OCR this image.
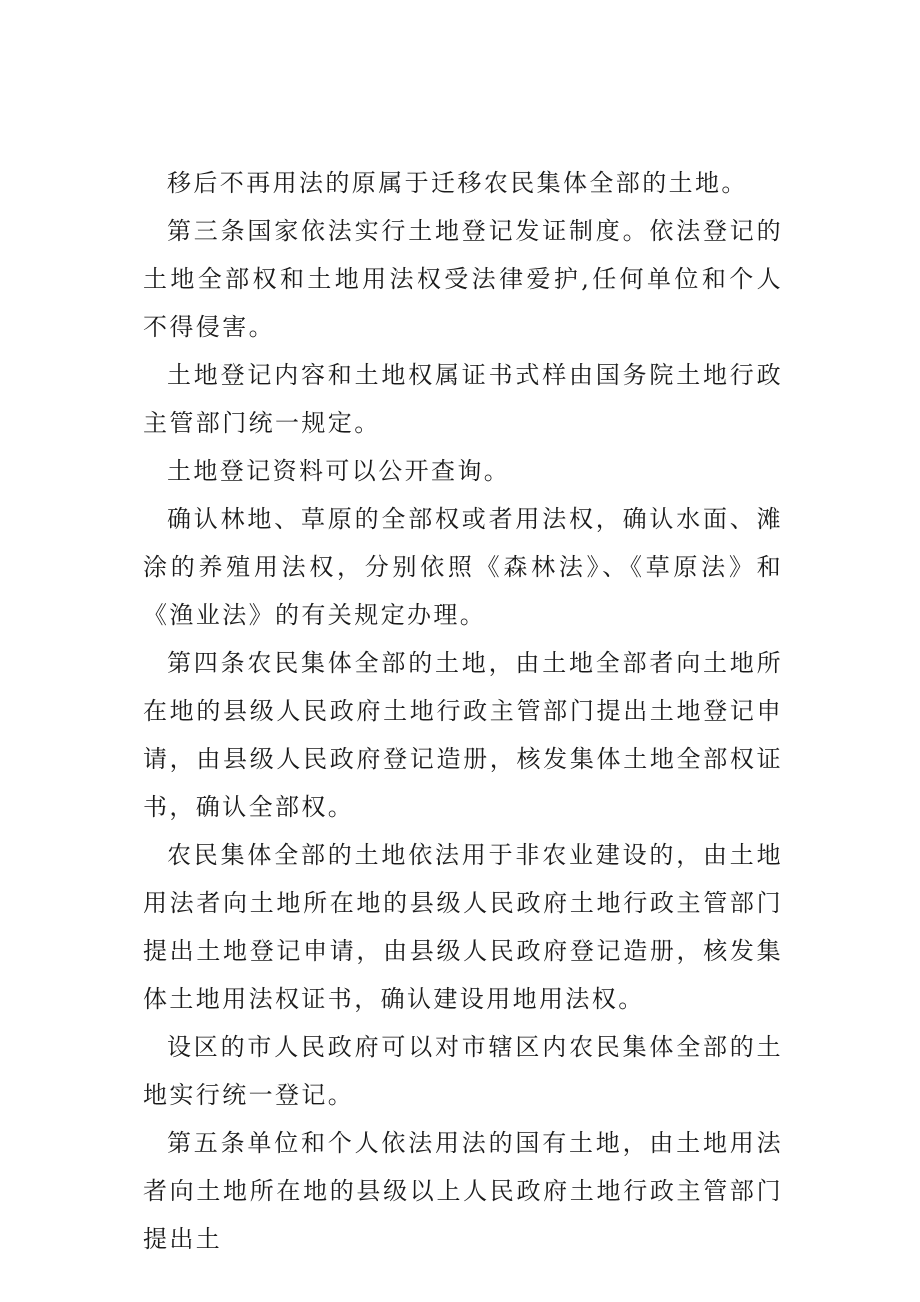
移后不再用法的原属于迁移农民集体全部的土地。

第三条国家依法实行土地登记发证制度。依法登记的土地全部权和土地用法权受法律爱护,任何单位和个人不得侵害。

土地登记内容和土地权属证书式样由国务院土地行政主管部门统一规定。

土地登记资料可以公开查询。

确认林地、草原的全部权或者用法权，确认水面、滩涂的养殖用法权，分别依照《森林法》、《草原法》和《渔业法》的有关规定办理。

第四条农民集体全部的土地，由土地全部者向土地所在地的县级人民政府土地行政主管部门提出土地登记申请，由县级人民政府登记造册，核发集体土地全部权证书，确认全部权。

农民集体全部的土地依法用于非农业建设的，由土地用法者向土地所在地的县级人民政府土地行政主管部门提出土地登记申请，由县级人民政府登记造册，核发集体土地用法权证书，确认建设用地用法权。

设区的市人民政府可以对市辖区内农民集体全部的土地实行统一登记。

第五条单位和个人依法用法的国有土地，由土地用法者向土地所在地的县级以上人民政府土地行政主管部门提出土
